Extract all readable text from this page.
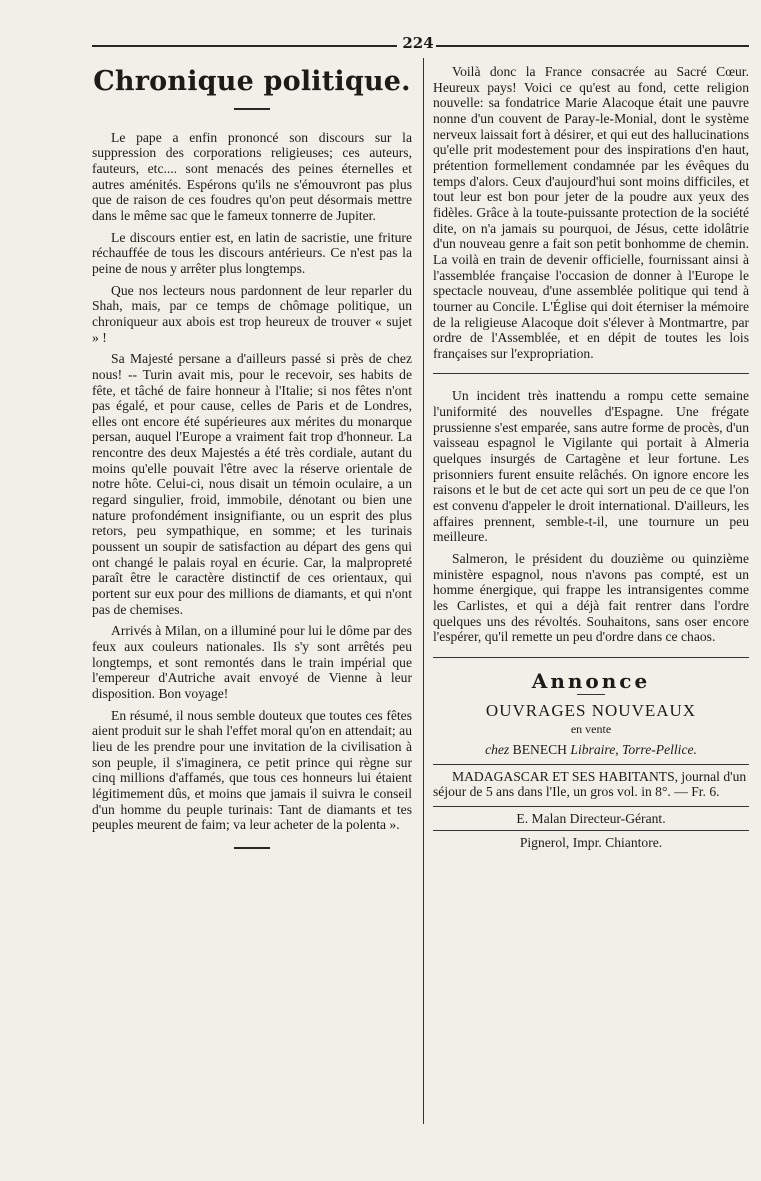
224
Chronique politique.

Le pape a enfin prononcé son discours sur la suppression des corporations religieuses; ces auteurs, fauteurs, etc.... sont menacés des peines éternelles et autres aménités. Espérons qu'ils ne s'émouvront pas plus que de raison de ces foudres qu'on peut désormais mettre dans le même sac que le fameux tonnerre de Jupiter.

Le discours entier est, en latin de sacristie, une friture réchauffée de tous les discours antérieurs. Ce n'est pas la peine de nous y arrêter plus longtemps.

Que nos lecteurs nous pardonnent de leur reparler du Shah, mais, par ce temps de chômage politique, un chroniqueur aux abois est trop heureux de trouver « sujet » !

Sa Majesté persane a d'ailleurs passé si près de chez nous! -- Turin avait mis, pour le recevoir, ses habits de fête, et tâché de faire honneur à l'Italie; si nos fêtes n'ont pas égalé, et pour cause, celles de Paris et de Londres, elles ont encore été supérieures aux mérites du monarque persan, auquel l'Europe a vraiment fait trop d'honneur. La rencontre des deux Majestés a été très cordiale, autant du moins qu'elle pouvait l'être avec la réserve orientale de notre hôte. Celui-ci, nous disait un témoin oculaire, a un regard singulier, froid, immobile, dénotant ou bien une nature profondément insignifiante, ou un esprit des plus retors, peu sympathique, en somme; et les turinais poussent un soupir de satisfaction au départ des gens qui ont changé le palais royal en écurie. Car, la malpropreté paraît être le caractère distinctif de ces orientaux, qui portent sur eux pour des millions de diamants, et qui n'ont pas de chemises.

Arrivés à Milan, on a illuminé pour lui le dôme par des feux aux couleurs nationales. Ils s'y sont arrêtés peu longtemps, et sont remontés dans le train impérial que l'empereur d'Autriche avait envoyé de Vienne à leur disposition. Bon voyage!

En résumé, il nous semble douteux que toutes ces fêtes aient produit sur le shah l'effet moral qu'on en attendait; au lieu de les prendre pour une invitation de la civilisation à son peuple, il s'imaginera, ce petit prince qui règne sur cinq millions d'affamés, que tous ces honneurs lui étaient légitimement dûs, et moins que jamais il suivra le conseil d'un homme du peuple turinais: Tant de diamants et tes peuples meurent de faim; va leur acheter de la polenta ».

Voilà donc la France consacrée au Sacré Cœur. Heureux pays! Voici ce qu'est au fond, cette religion nouvelle: sa fondatrice Marie Alacoque était une pauvre nonne d'un couvent de Paray-le-Monial, dont le système nerveux laissait fort à désirer, et qui eut des hallucinations qu'elle prit modestement pour des inspirations d'en haut, prétention formellement condamnée par les évêques du temps d'alors. Ceux d'aujourd'hui sont moins difficiles, et tout leur est bon pour jeter de la poudre aux yeux des fidèles. Grâce à la toute-puissante protection de la société dite, on n'a jamais su pourquoi, de Jésus, cette idolâtrie d'un nouveau genre a fait son petit bonhomme de chemin. La voilà en train de devenir officielle, fournissant ainsi à l'assemblée française l'occasion de donner à l'Europe le spectacle nouveau, d'une assemblée politique qui tend à tourner au Concile. L'Église qui doit éterniser la mémoire de la religieuse Alacoque doit s'élever à Montmartre, par ordre de l'Assemblée, et en dépit de toutes les lois françaises sur l'expropriation.

Un incident très inattendu a rompu cette semaine l'uniformité des nouvelles d'Espagne. Une frégate prussienne s'est emparée, sans autre forme de procès, d'un vaisseau espagnol le Vigilante qui portait à Almeria quelques insurgés de Cartagène et leur fortune. Les prisonniers furent ensuite relâchés. On ignore encore les raisons et le but de cet acte qui sort un peu de ce que l'on est convenu d'appeler le droit international. D'ailleurs, les affaires prennent, semble-t-il, une tournure un peu meilleure.

Salmeron, le président du douzième ou quinzième ministère espagnol, nous n'avons pas compté, est un homme énergique, qui frappe les intransigentes comme les Carlistes, et qui a déjà fait rentrer dans l'ordre quelques uns des révoltés. Souhaitons, sans oser encore l'espérer, qu'il remette un peu d'ordre dans ce chaos.

Annonce
OUVRAGES NOUVEAUX
en vente
chez BENECH Libraire, Torre-Pellice.

MADAGASCAR ET SES HABITANTS, journal d'un séjour de 5 ans dans l'Ile, un gros vol. in 8°. — Fr. 6.

E. Malan Directeur-Gérant.
Pignerol, Impr. Chiantore.
